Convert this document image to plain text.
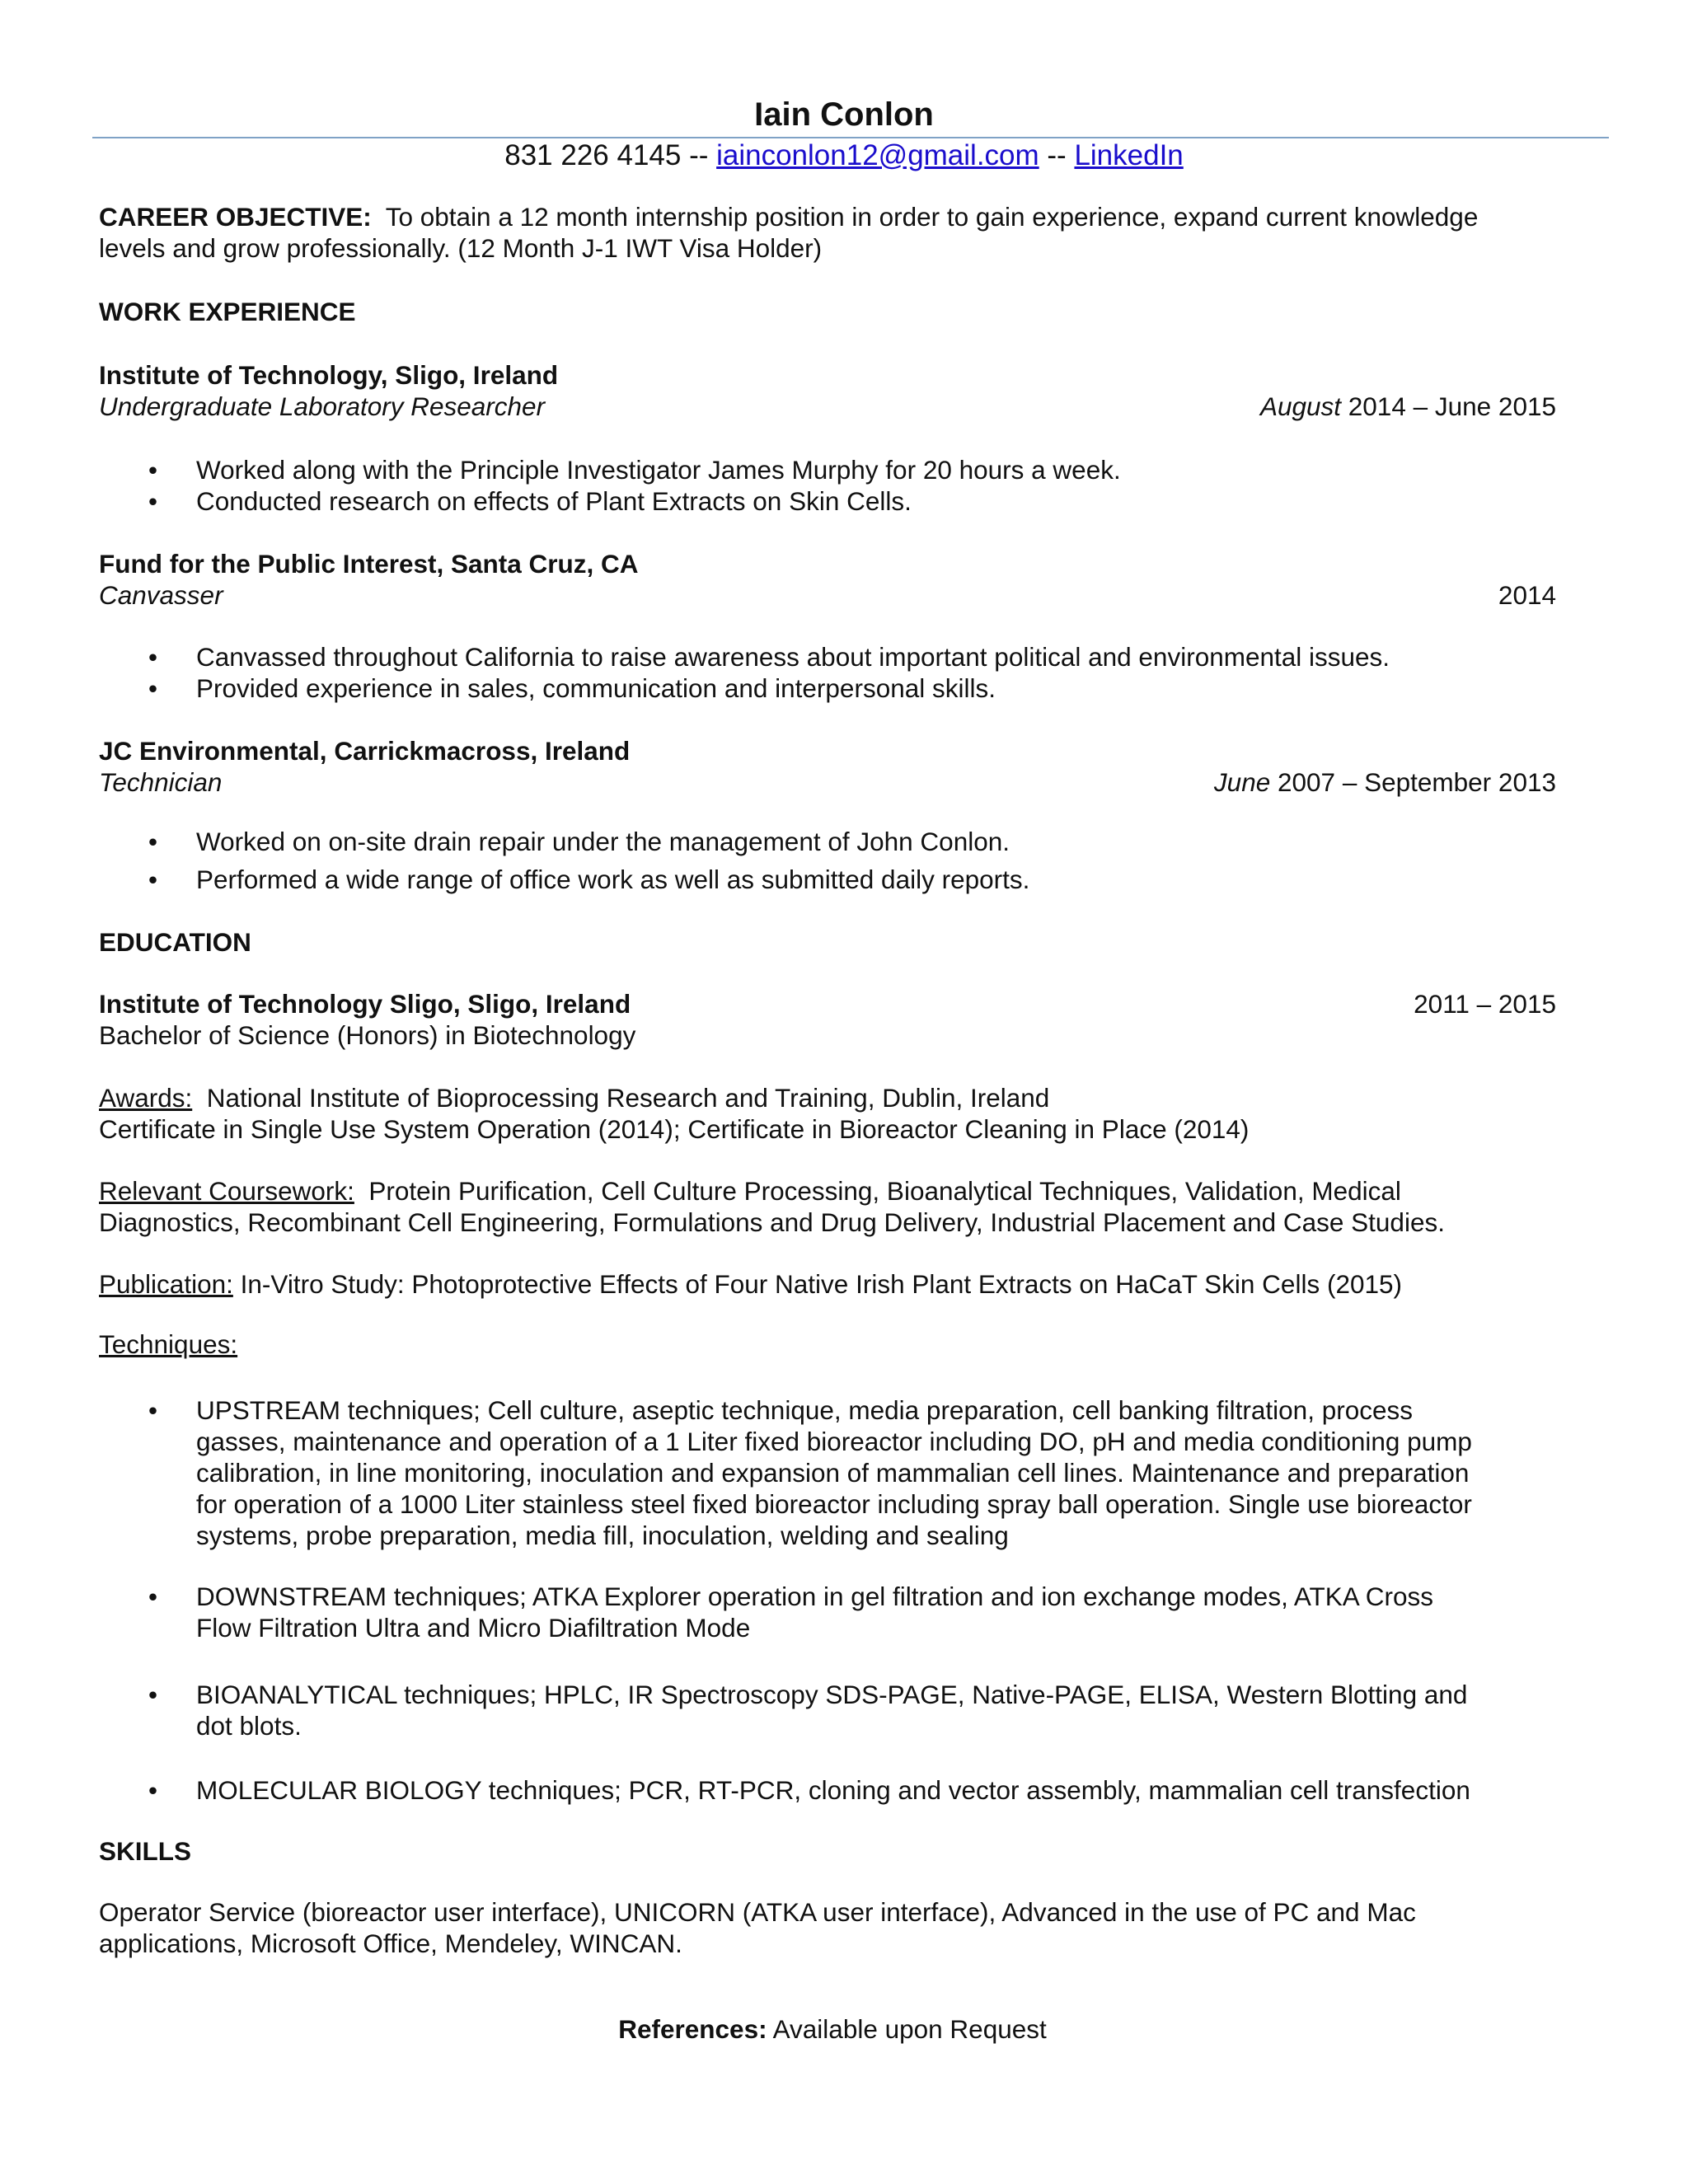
Iain Conlon
831 226 4145 -- iainconlon12@gmail.com -- LinkedIn
CAREER OBJECTIVE: To obtain a 12 month internship position in order to gain experience, expand current knowledge
levels and grow professionally. (12 Month J-1 IWT Visa Holder)
WORK EXPERIENCE
Institute of Technology, Sligo, Ireland
Undergraduate Laboratory Researcher	August 2014 – June 2015
• Worked along with the Principle Investigator James Murphy for 20 hours a week.
• Conducted research on effects of Plant Extracts on Skin Cells.
Fund for the Public Interest, Santa Cruz, CA
Canvasser	2014
• Canvassed throughout California to raise awareness about important political and environmental issues.
• Provided experience in sales, communication and interpersonal skills.
JC Environmental, Carrickmacross, Ireland
Technician	June 2007 – September 2013
• Worked on on-site drain repair under the management of John Conlon.
• Performed a wide range of office work as well as submitted daily reports.
EDUCATION
Institute of Technology Sligo, Sligo, Ireland	2011 – 2015
Bachelor of Science (Honors) in Biotechnology
Awards: National Institute of Bioprocessing Research and Training, Dublin, Ireland
Certificate in Single Use System Operation (2014); Certificate in Bioreactor Cleaning in Place (2014)
Relevant Coursework: Protein Purification, Cell Culture Processing, Bioanalytical Techniques, Validation, Medical
Diagnostics, Recombinant Cell Engineering, Formulations and Drug Delivery, Industrial Placement and Case Studies.
Publication: In-Vitro Study: Photoprotective Effects of Four Native Irish Plant Extracts on HaCaT Skin Cells (2015)
Techniques:
• UPSTREAM techniques; Cell culture, aseptic technique, media preparation, cell banking filtration, process
gasses, maintenance and operation of a 1 Liter fixed bioreactor including DO, pH and media conditioning pump
calibration, in line monitoring, inoculation and expansion of mammalian cell lines. Maintenance and preparation
for operation of a 1000 Liter stainless steel fixed bioreactor including spray ball operation. Single use bioreactor
systems, probe preparation, media fill, inoculation, welding and sealing
• DOWNSTREAM techniques; ATKA Explorer operation in gel filtration and ion exchange modes, ATKA Cross
Flow Filtration Ultra and Micro Diafiltration Mode
• BIOANALYTICAL techniques; HPLC, IR Spectroscopy SDS-PAGE, Native-PAGE, ELISA, Western Blotting and
dot blots.
• MOLECULAR BIOLOGY techniques; PCR, RT-PCR, cloning and vector assembly, mammalian cell transfection
SKILLS
Operator Service (bioreactor user interface), UNICORN (ATKA user interface), Advanced in the use of PC and Mac
applications, Microsoft Office, Mendeley, WINCAN.
References: Available upon Request
